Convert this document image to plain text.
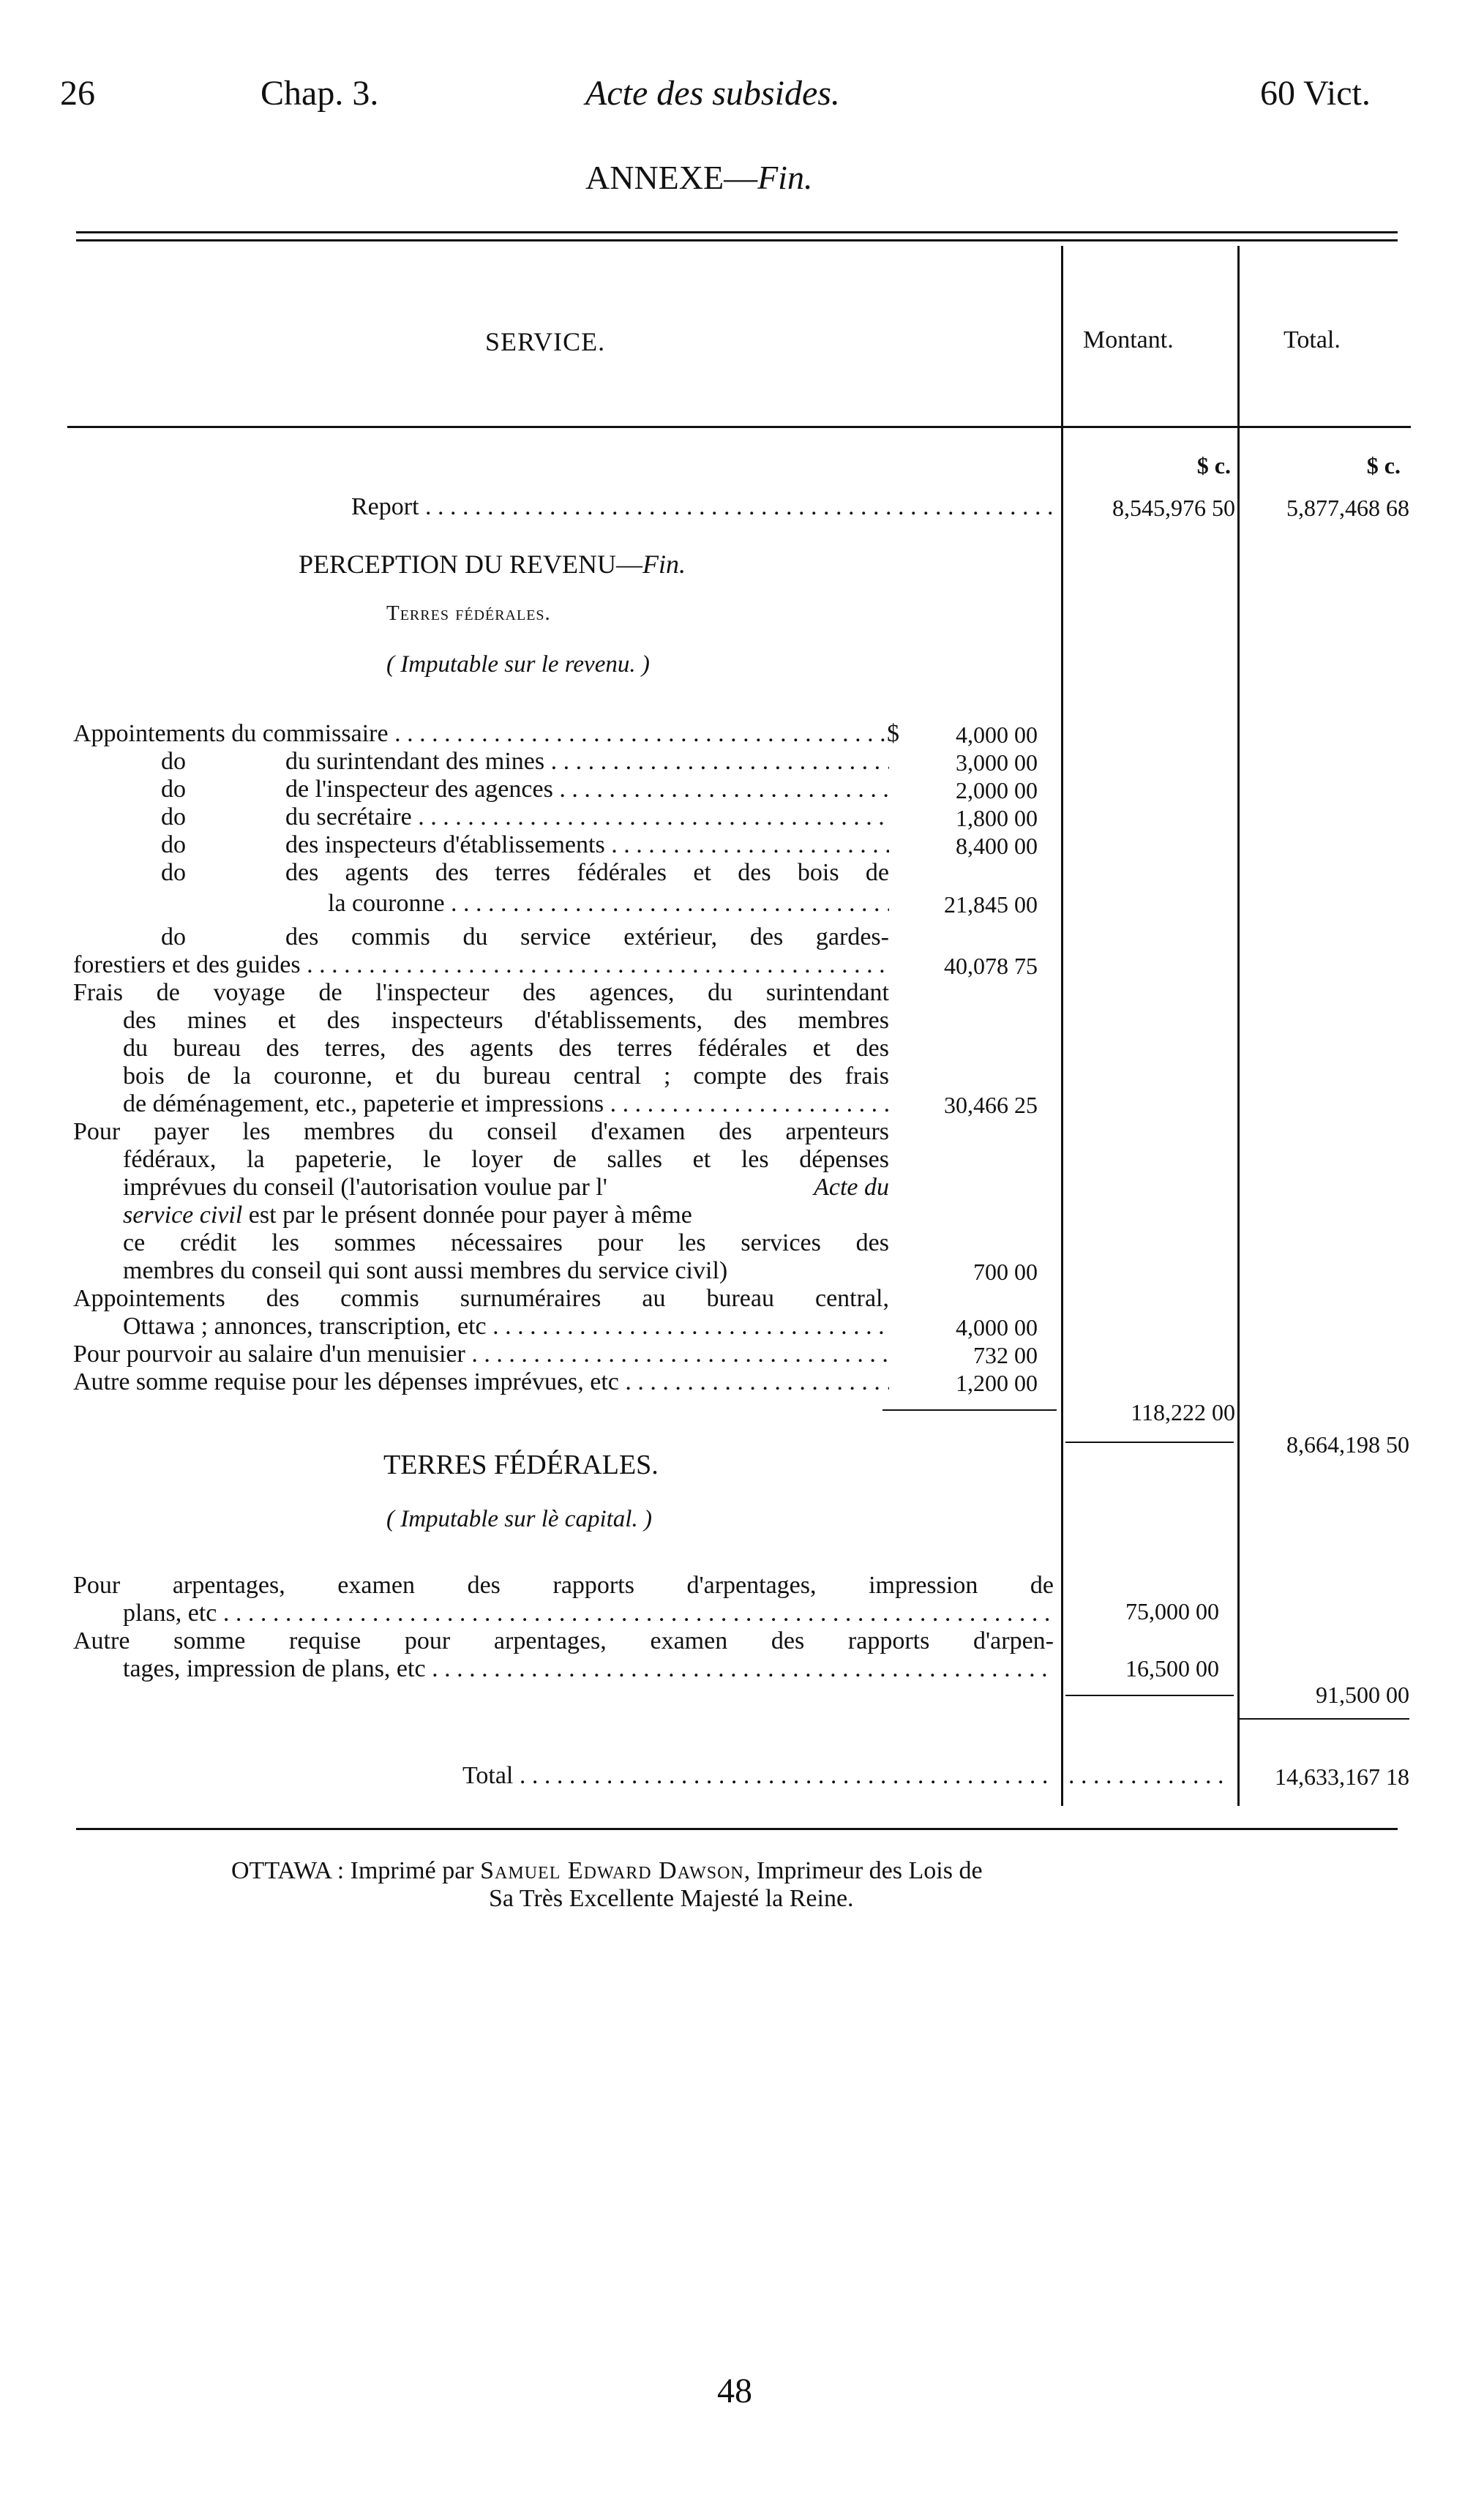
26	Chap. 3.	Acte des subsides.	60 Vict.
ANNEXE—Fin.
SERVICE.	Montant.	Total.
$ c.	$ c.
Report . . .	8,545,976 50	5,877,468 68
PERCEPTION DU REVENU—Fin.
Terres fédérales.
( Imputable sur le revenu. )
Appointements du commissaire . . .	$	4,000 00
do	du surintendant des mines . . .	3,000 00
do	de l'inspecteur des agences . . .	2,000 00
do	du secrétaire . . .	1,800 00
do	des inspecteurs d'établissements . . .	8,400 00
do	des agents des terres fédérales et des bois de
la couronne . . .	21,845 00
do	des commis du service extérieur, des gardes-
forestiers et des guides . . .	40,078 75
Frais de voyage de l'inspecteur des agences, du surintendant
des mines et des inspecteurs d'établissements, des membres
du bureau des terres, des agents des terres fédérales et des
bois de la couronne, et du bureau central ; compte des frais
de déménagement, etc., papeterie et impressions . . .	30,466 25
Pour payer les membres du conseil d'examen des arpenteurs
fédéraux, la papeterie, le loyer de salles et les dépenses
imprévues du conseil (l'autorisation voulue par l'	Acte du
service civil est par le présent donnée pour payer à même
ce crédit les sommes nécessaires pour les services des
membres du conseil qui sont aussi membres du service civil)	700 00
Appointements des commis surnuméraires au bureau central,
Ottawa ; annonces, transcription, etc . . .	4,000 00
Pour pourvoir au salaire d'un menuisier . . .	732 00
Autre somme requise pour les dépenses imprévues, etc . . .	1,200 00
118,222 00
8,664,198 50
TERRES FÉDÉRALES.
( Imputable sur lè capital. )
Pour arpentages, examen des rapports d'arpentages, impression de
plans, etc . . .	75,000 00
Autre somme requise pour arpentages, examen des rapports d'arpen-
tages, impression de plans, etc . . .	16,500 00
91,500 00
Total . . .
. . .	14,633,167 18
OTTAWA : Imprimé par Samuel Edward Dawson, Imprimeur des Lois de
Sa Très Excellente Majesté la Reine.
48
